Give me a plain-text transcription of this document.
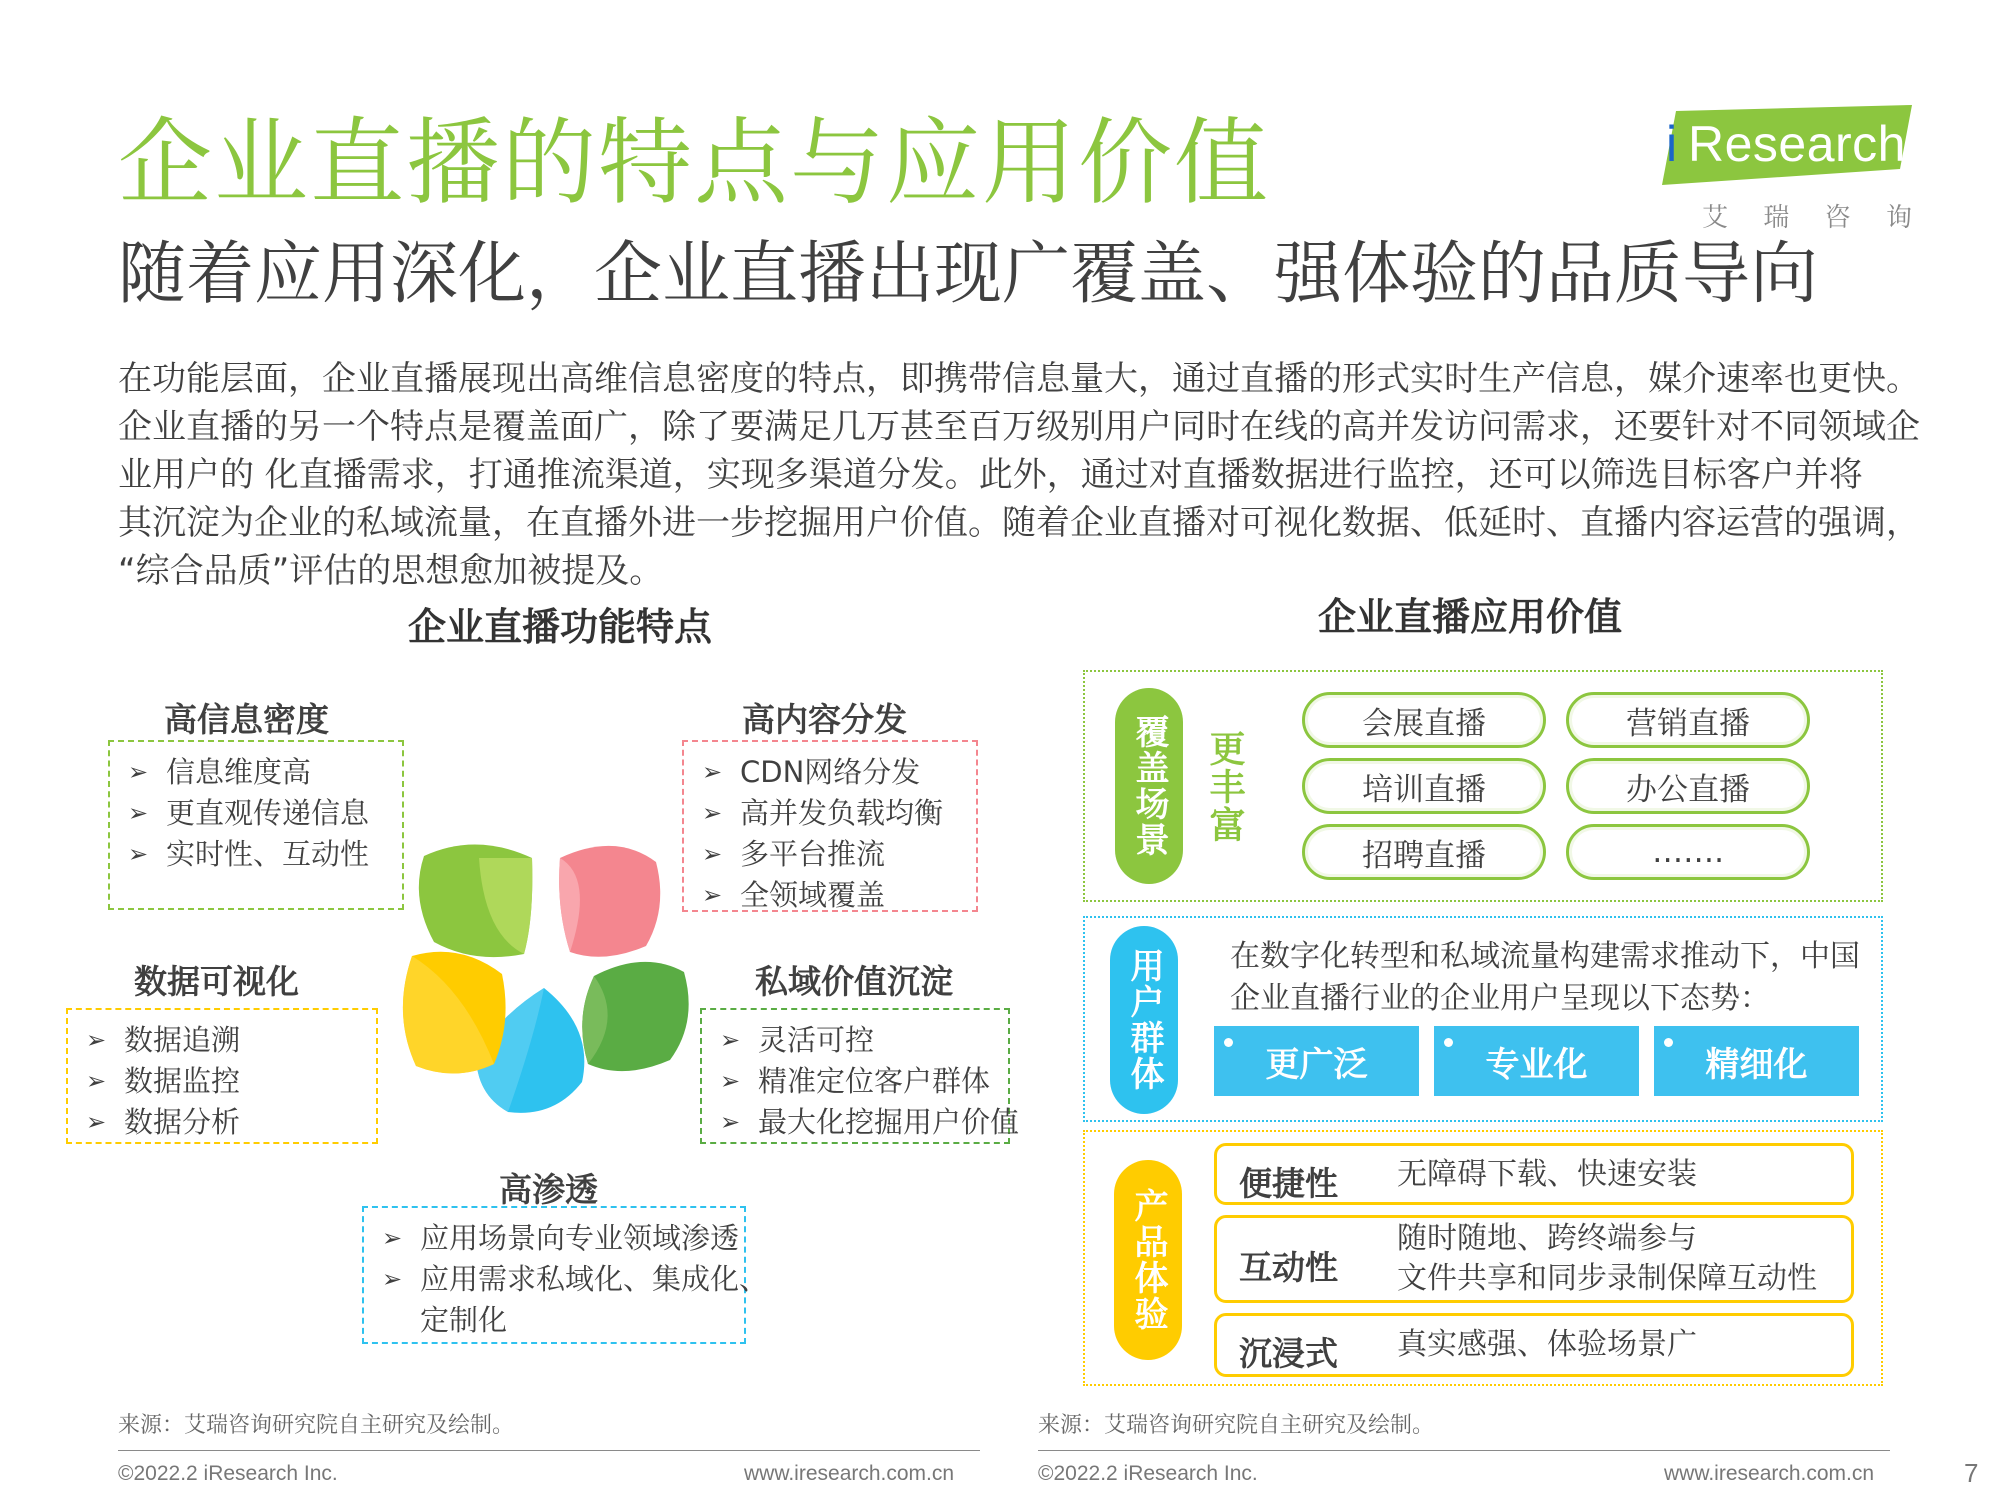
企业直播的特点与应用价值
随着应用深化，企业直播出现广覆盖、强体验的品质导向
i Research
艾 瑞 咨 询

在功能层面，企业直播展现出高维信息密度的特点，即携带信息量大，通过直播的形式实时生产信息，媒介速率也更快。

企业直播的另一个特点是覆盖面广，除了要满足几万甚至百万级别用户同时在线的高并发访问需求，还要针对不同领域企

业用户的 化直播需求，打通推流渠道，实现多渠道分发。此外，通过对直播数据进行监控，还可以筛选目标客户并将

其沉淀为企业的私域流量，在直播外进一步挖掘用户价值。随着企业直播对可视化数据、低延时、直播内容运营的强调，

“综合品质”评估的思想愈加被提及。

企业直播功能特点
高信息密度
➢ 信息维度高
➢ 更直观传递信息
➢ 实时性、互动性
高内容分发
➢ CDN网络分发
➢ 高并发负载均衡
➢ 多平台推流
➢ 全领域覆盖
数据可视化
➢ 数据追溯
➢ 数据监控
➢ 数据分析
私域价值沉淀
➢ 灵活可控
➢ 精准定位客户群体
➢ 最大化挖掘用户价值
高渗透
➢ 应用场景向专业领域渗透
➢ 应用需求私域化、集成化、
➢ 定制化
来源：艾瑞咨询研究院自主研究及绘制。
©2022.2 iResearch Inc.	www.iresearch.com.cn
企业直播应用价值
覆盖场景 更丰富
会展直播	营销直播
培训直播	办公直播
招聘直播	…….
用户群体 在数字化转型和私域流量构建需求推动下，中国
企业直播行业的企业用户呈现以下态势：
更广泛	专业化	精细化
产品体验
便捷性 无障碍下载、快速安装
互动性
随时随地、跨终端参与
文件共享和同步录制保障互动性
沉浸式 真实感强、体验场景广
来源：艾瑞咨询研究院自主研究及绘制。
©2022.2 iResearch Inc.	www.iresearch.com.cn	7
